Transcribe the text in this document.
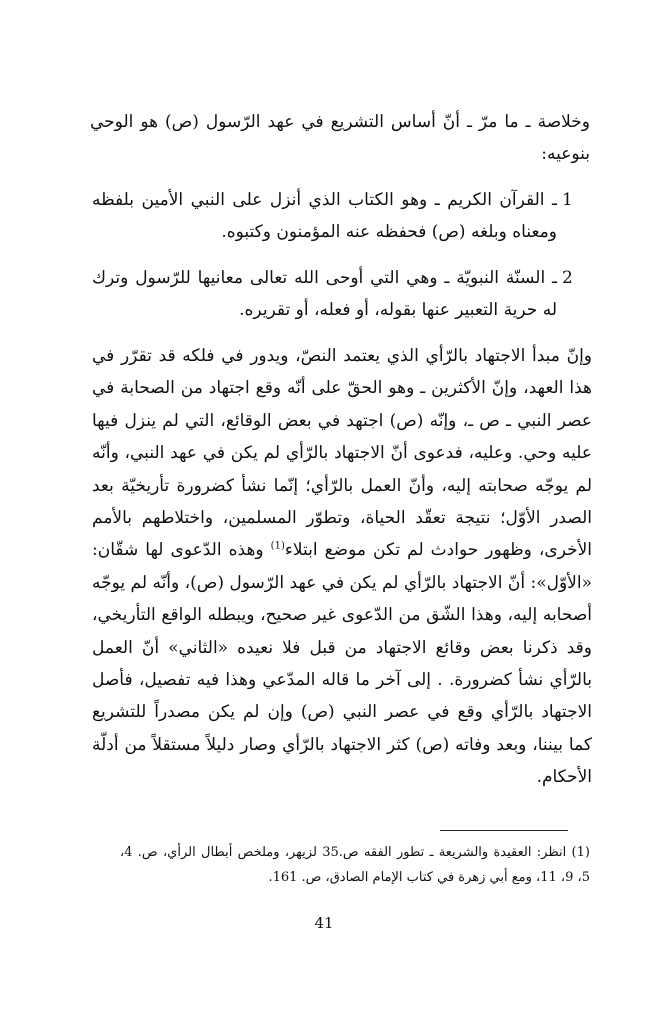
وخلاصة ـ ما مرّ ـ أنّ أساس التشريع في عهد الرّسول (ص) هو الوحي بنوعيه:

1

ـ القرآن الكريم ـ وهو الكتاب الذي أنزل على النبي الأمين بلفظه ومعناه وبلغه (ص) فحفظه عنه المؤمنون وكتبوه.

2

ـ السنّة النبويّة ـ وهي التي أوحى الله تعالى معانيها للرّسول وترك له حرية التعبير عنها بقوله، أو فعله، أو تقريره.

وإنّ مبدأ الاجتهاد بالرّأي الذي يعتمد النصّ، ويدور في فلكه قد تقرّر في هذا العهد، وإنّ الأكثرين ـ وهو الحقّ على أنّه وقع اجتهاد من الصحابة في عصر النبي ـ ص ـ، وإنّه (ص) اجتهد في بعض الوقائع، التي لم ينزل فيها عليه وحي. وعليه، فدعوى أنّ الاجتهاد بالرّأي لم يكن في عهد النبي، وأنّه لم يوجّه صحابته إليه، وأنّ العمل بالرّأي؛ إنّما نشأ كضرورة تأريخيّة بعد الصدر الأوّل؛ نتيجة تعقّد الحياة، وتطوّر المسلمين، واختلاطهم بالأمم الأخرى، وظهور حوادث لم تكن موضع ابتلاء$^{(1)}$ وهذه الدّعوى لها شقّان: «الأوّل»: أنّ الاجتهاد بالرّأي لم يكن في عهد الرّسول (ص)، وأنّه لم يوجّه أصحابه إليه، وهذا الشّق من الدّعوى غير صحيح، ويبطله الواقع التأريخي، وقد ذكرنا بعض وقائع الاجتهاد من قبل فلا نعيده «الثاني» أنّ العمل بالرّأي نشأ كضرورة. . إلى آخر ما قاله المدّعي وهذا فيه تفصيل، فأصل الاجتهاد بالرّأي وقع في عصر النبي (ص) وإن لم يكن مصدراً للتشريع كما بيننا، وبعد وفاته (ص) كثر الاجتهاد بالرّأي وصار دليلاً مستقلاً من أدلّة الأحكام.

(1) انظر: العقيدة والشريعة ـ تطور الفقه ص.35 لزيهر، وملخص أبطال الرأي، ص. 4، 5، 9، 11، ومع أبي زهرة في كتاب الإمام الصادق، ص. 161.

41
